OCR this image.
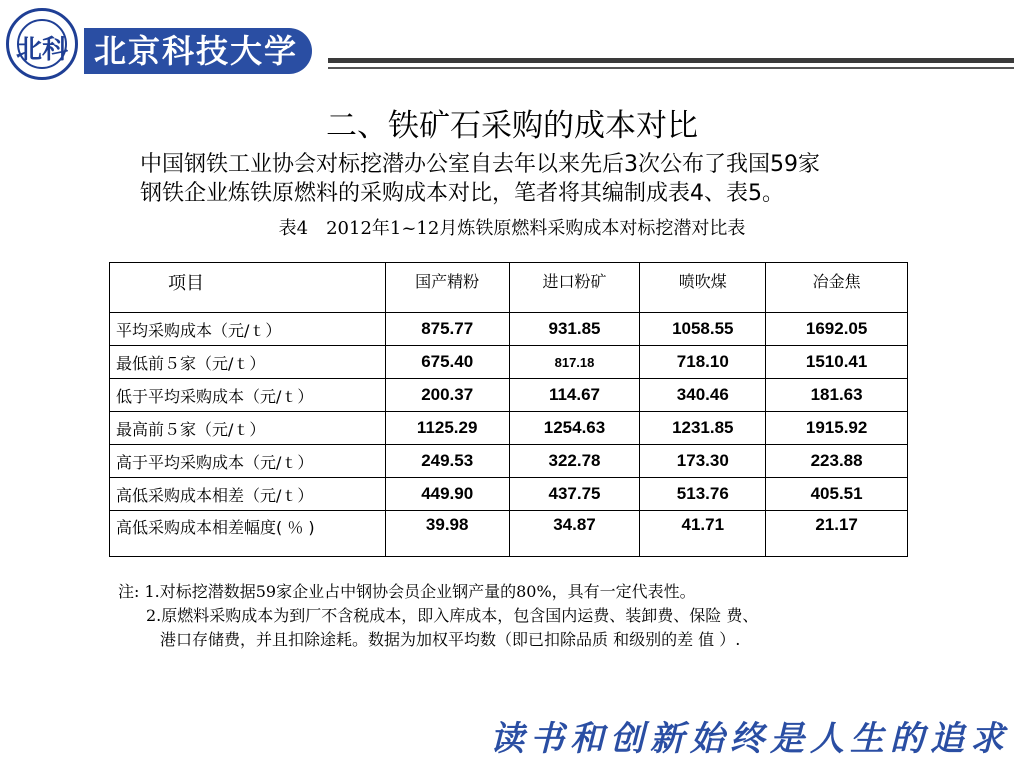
北科 北京科技大学
二、铁矿石采购的成本对比
中国钢铁工业协会对标挖潜办公室自去年以来先后3次公布了我国59家
钢铁企业炼铁原燃料的采购成本对比，笔者将其编制成表4、表5。
表4　2012年1~12月炼铁原燃料采购成本对标挖潜对比表
项目	国产精粉	进口粉矿	喷吹煤	冶金焦
平均采购成本（元/ｔ）	875.77	931.85	1058.55	1692.05
最低前５家（元/ｔ）	675.40	817.18	718.10	1510.41
低于平均采购成本（元/ｔ）	200.37	114.67	340.46	181.63
最高前５家（元/ｔ）	1125.29	1254.63	1231.85	1915.92
高于平均采购成本（元/ｔ）	249.53	322.78	173.30	223.88
高低采购成本相差（元/ｔ）	449.90	437.75	513.76	405.51
高低采购成本相差幅度( ％ )	39.98	34.87	41.71	21.17
注: 1.对标挖潜数据59家企业占中钢协会员企业钢产量的80%，具有一定代表性。
2.原燃料采购成本为到厂不含税成本，即入库成本，包含国内运费、装卸费、保险 费、
港口存储费，并且扣除途耗。数据为加权平均数（即已扣除品质 和级别的差 值 ）.
读书和创新始终是人生的追求
